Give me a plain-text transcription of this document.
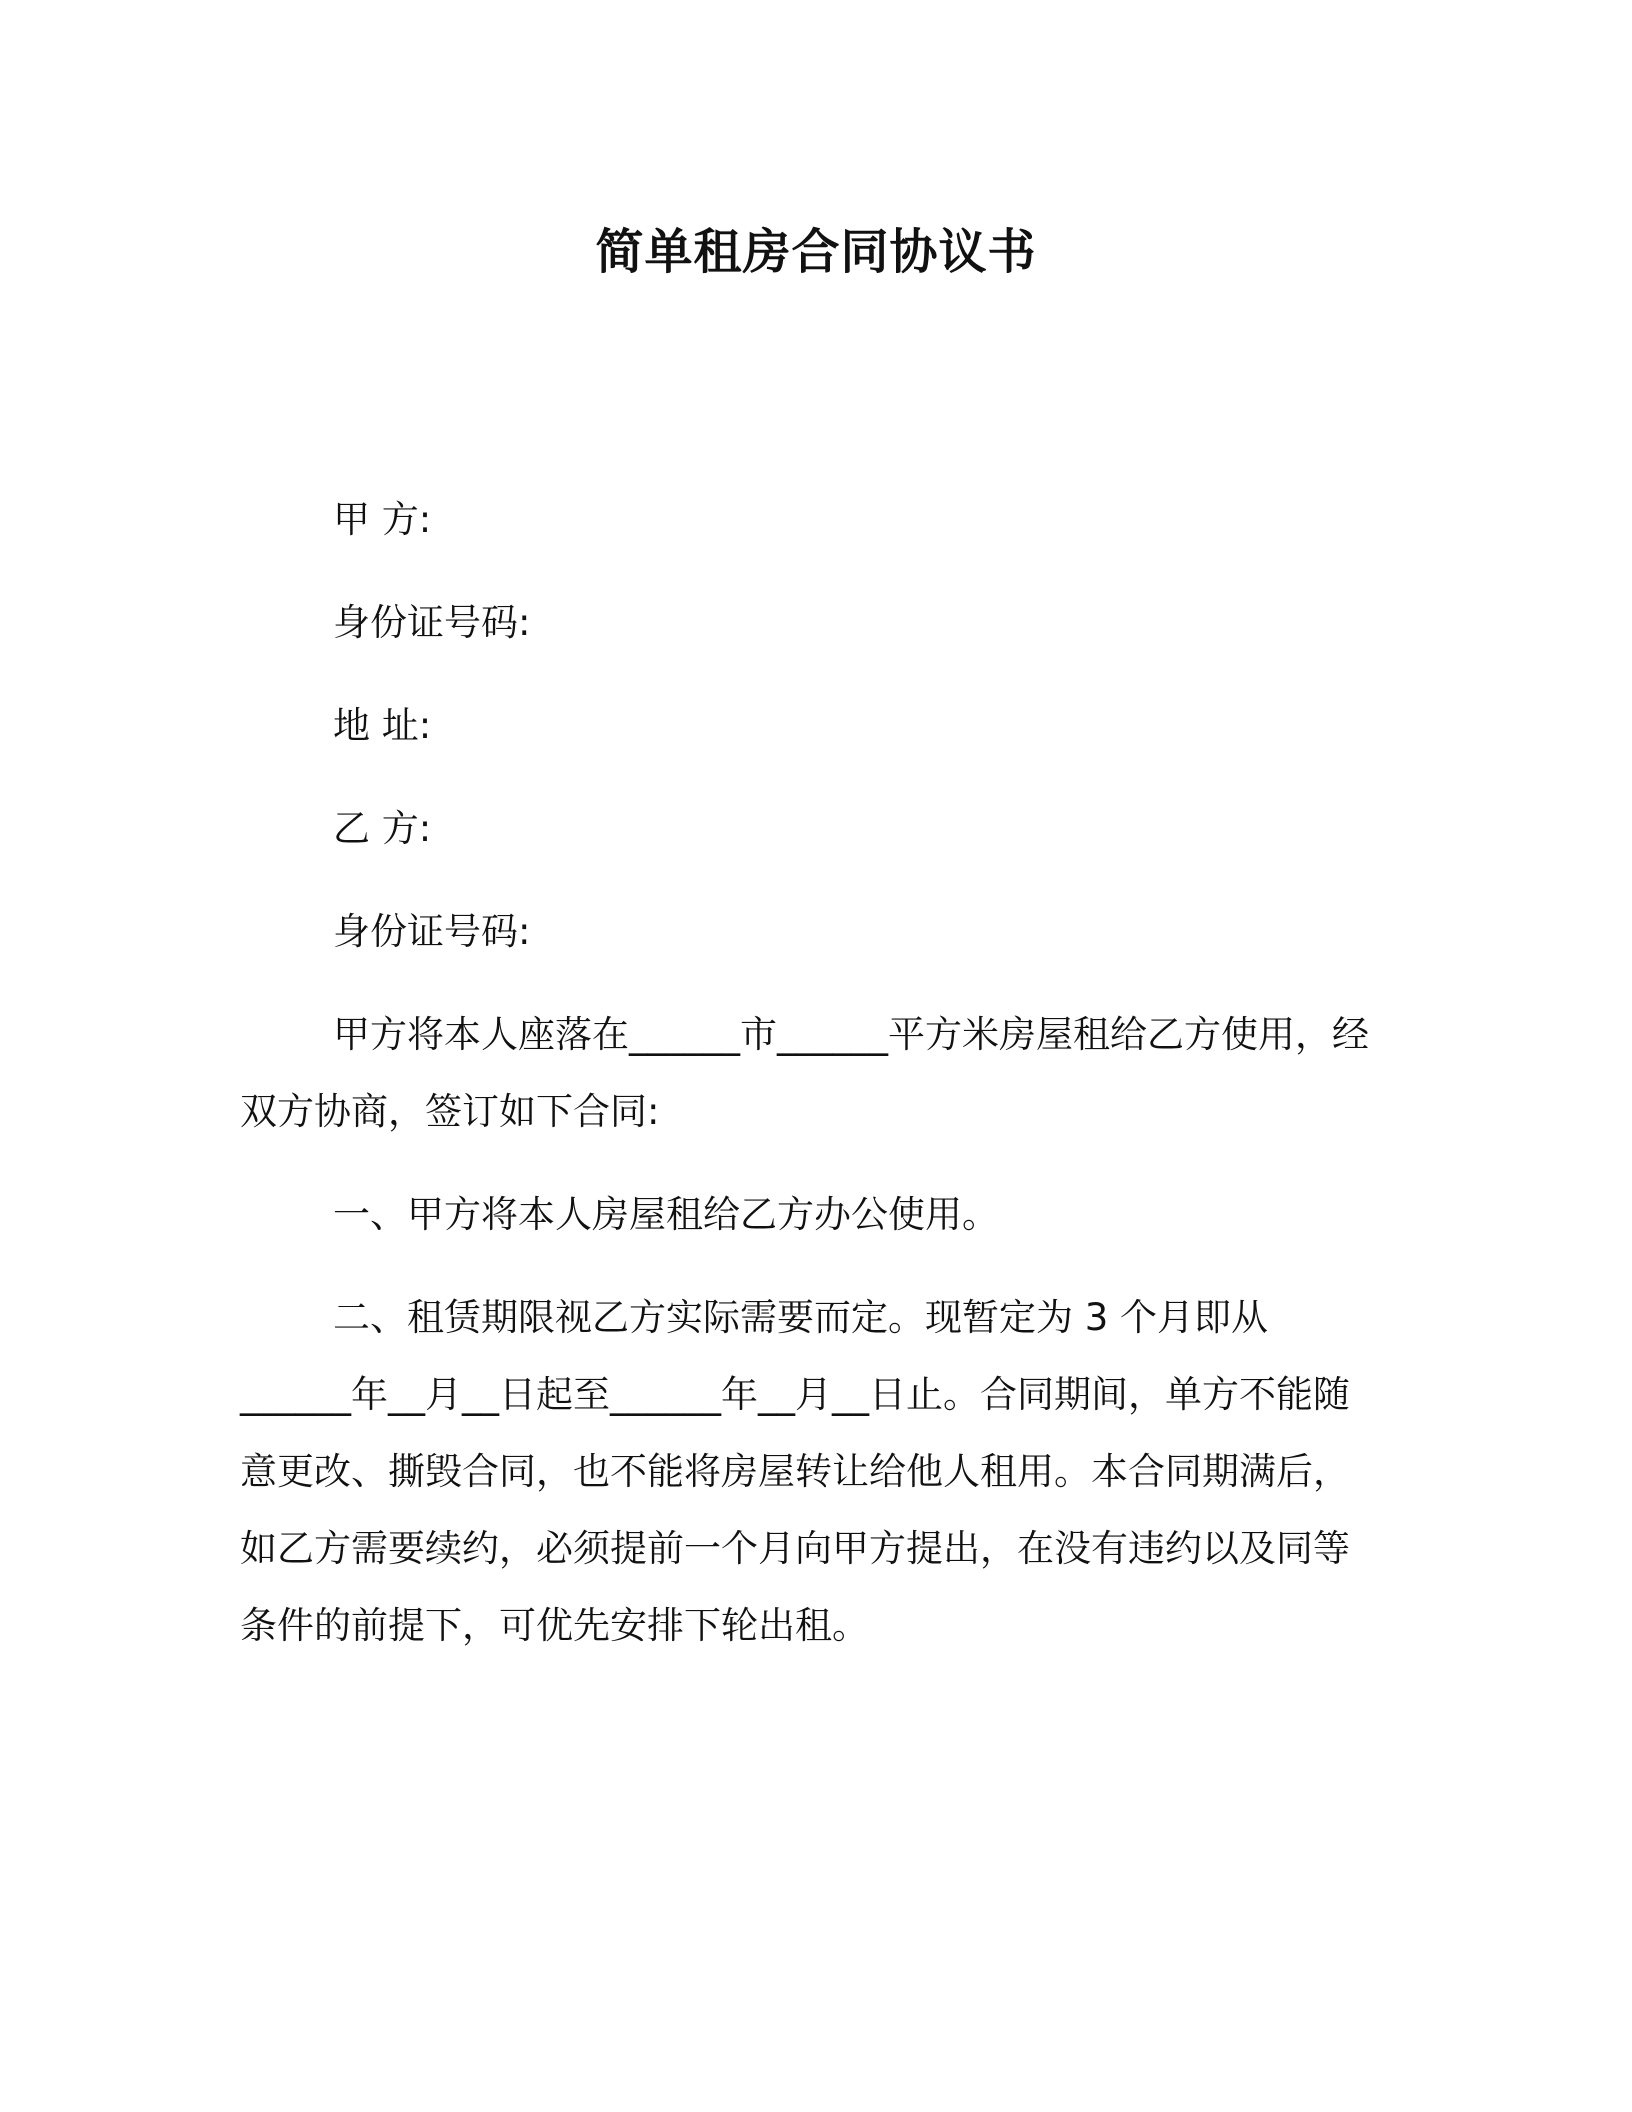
简单租房合同协议书
甲 方:
身份证号码:
地 址:
乙 方:
身份证号码:
甲方将本人座落在______市______平方米房屋租给乙方使用，经双方协商，签订如下合同:
一、甲方将本人房屋租给乙方办公使用。
二、租赁期限视乙方实际需要而定。现暂定为 3 个月即从______年__月__日起至______年__月__日止。合同期间，单方不能随意更改、撕毁合同，也不能将房屋转让给他人租用。本合同期满后，如乙方需要续约，必须提前一个月向甲方提出，在没有违约以及同等条件的前提下，可优先安排下轮出租。
